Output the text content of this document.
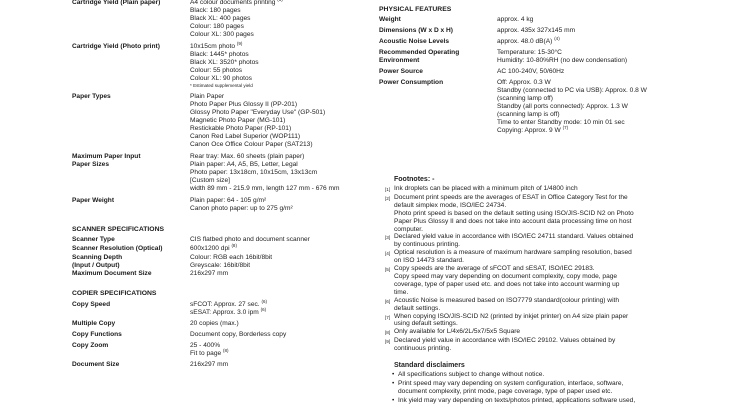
Cartridge Yield (Plain paper)	A4 colour documents printing
Black: 180 pages
Black XL: 400 pages
Colour: 180 pages
Colour XL: 300 pages
Cartridge Yield (Photo print)	10x15cm photo $^{(9)}$
Black: 1445* photos
Black XL: 3520* photos
Colour: 55 photos
Colour XL: 90 photos
* Estimated supplemental yield
Paper Types	Plain Paper
Photo Paper Plus Glossy II (PP-201)
Glossy Photo Paper "Everyday Use" (GP-501)
Magnetic Photo Paper (MG-101)
Restickable Photo Paper (RP-101)
Canon Red Label Superior (WOP111)
Canon Oce Office Colour Paper (SAT213)
Maximum Paper Input	Rear tray: Max. 60 sheets (plain paper)
Paper Sizes	Plain paper: A4, A5, B5, Letter, Legal
Photo paper: 13x18cm, 10x15cm, 13x13cm
[Custom size]
width 89 mm - 215.9 mm, length 127 mm - 676 mm
Paper Weight	Plain paper: 64 - 105 g/m²
Canon photo paper: up to 275 g/m²
SCANNER SPECIFICATIONS
Scanner Type	CIS flatbed photo and document scanner
Scanner Resolution (Optical)	600x1200 dpi $^{(8)}$
Scanning Depth
(Input / Output)
Colour: RGB each 16bit/8bit
Greyscale: 16bit/8bit
Maximum Document Size	216x297 mm
COPIER SPECIFICATIONS
Copy Speed	sFCOT: Approx. 27 sec. $^{(6)}$
sESAT: Approx. 3.0 ipm $^{(6)}$
Multiple Copy	20 copies (max.)
Copy Functions	Document copy, Borderless copy
Copy Zoom	25 - 400%
Fit to page $^{(8)}$
Document Size	216x297 mm
PHYSICAL FEATURES
Weight	approx. 4 kg
Dimensions (W x D x H)	approx. 435x 327x145 mm
Acoustic Noise Levels	approx. 48.0 dB(A) $^{(4)}$
Recommended Operating
Environment
Temperature: 15-30°C
Humidity: 10-80%RH (no dew condensation)
Power Source	AC 100-240V, 50/60Hz
Power Consumption	Off: Approx. 0.3 W
Standby (connected to PC via USB): Approx. 0.8 W
(scanning lamp off)
Standby (all ports connected): Approx. 1.3 W
(scanning lamp is off)
Time to enter Standby mode: 10 min 01 sec
Copying: Approx. 9 W $^{(7)}$
Footnotes: -
[1] Ink droplets can be placed with a minimum pitch of 1/4800 inch
[2] Document print speeds are the averages of ESAT in Office Category Test for the
default simplex mode, ISO/IEC 24734.
Photo print speed is based on the default setting using ISO/JIS-SCID N2 on Photo
Paper Plus Glossy II and does not take into account data processing time on host
computer.
[3] Declared yield value in accordance with ISO/IEC 24711 standard. Values obtained
by continuous printing.
[4] Optical resolution is a measure of maximum hardware sampling resolution, based
on ISO 14473 standard.
[5] Copy speeds are the average of sFCOT and sESAT, ISO/IEC 29183.
Copy speed may vary depending on document complexity, copy mode, page
coverage, type of paper used etc. and does not take into account warming up
time.
[6] Acoustic Noise is measured based on ISO7779 standard(colour printing) with
default settings.
[7] When copying ISO/JIS-SCID N2 (printed by inkjet printer) on A4 size plain paper
using default settings.
[8] Only available for L/4x6/2L/5x7/5x5 Square
[9] Declared yield value in accordance with ISO/IEC 29102. Values obtained by
continuous printing.
Standard disclaimers
• All specifications subject to change without notice.
• Print speed may vary depending on system configuration, interface, software,
document complexity, print mode, page coverage, type of paper used etc.
• Ink yield may vary depending on texts/photos printed, applications software used,
